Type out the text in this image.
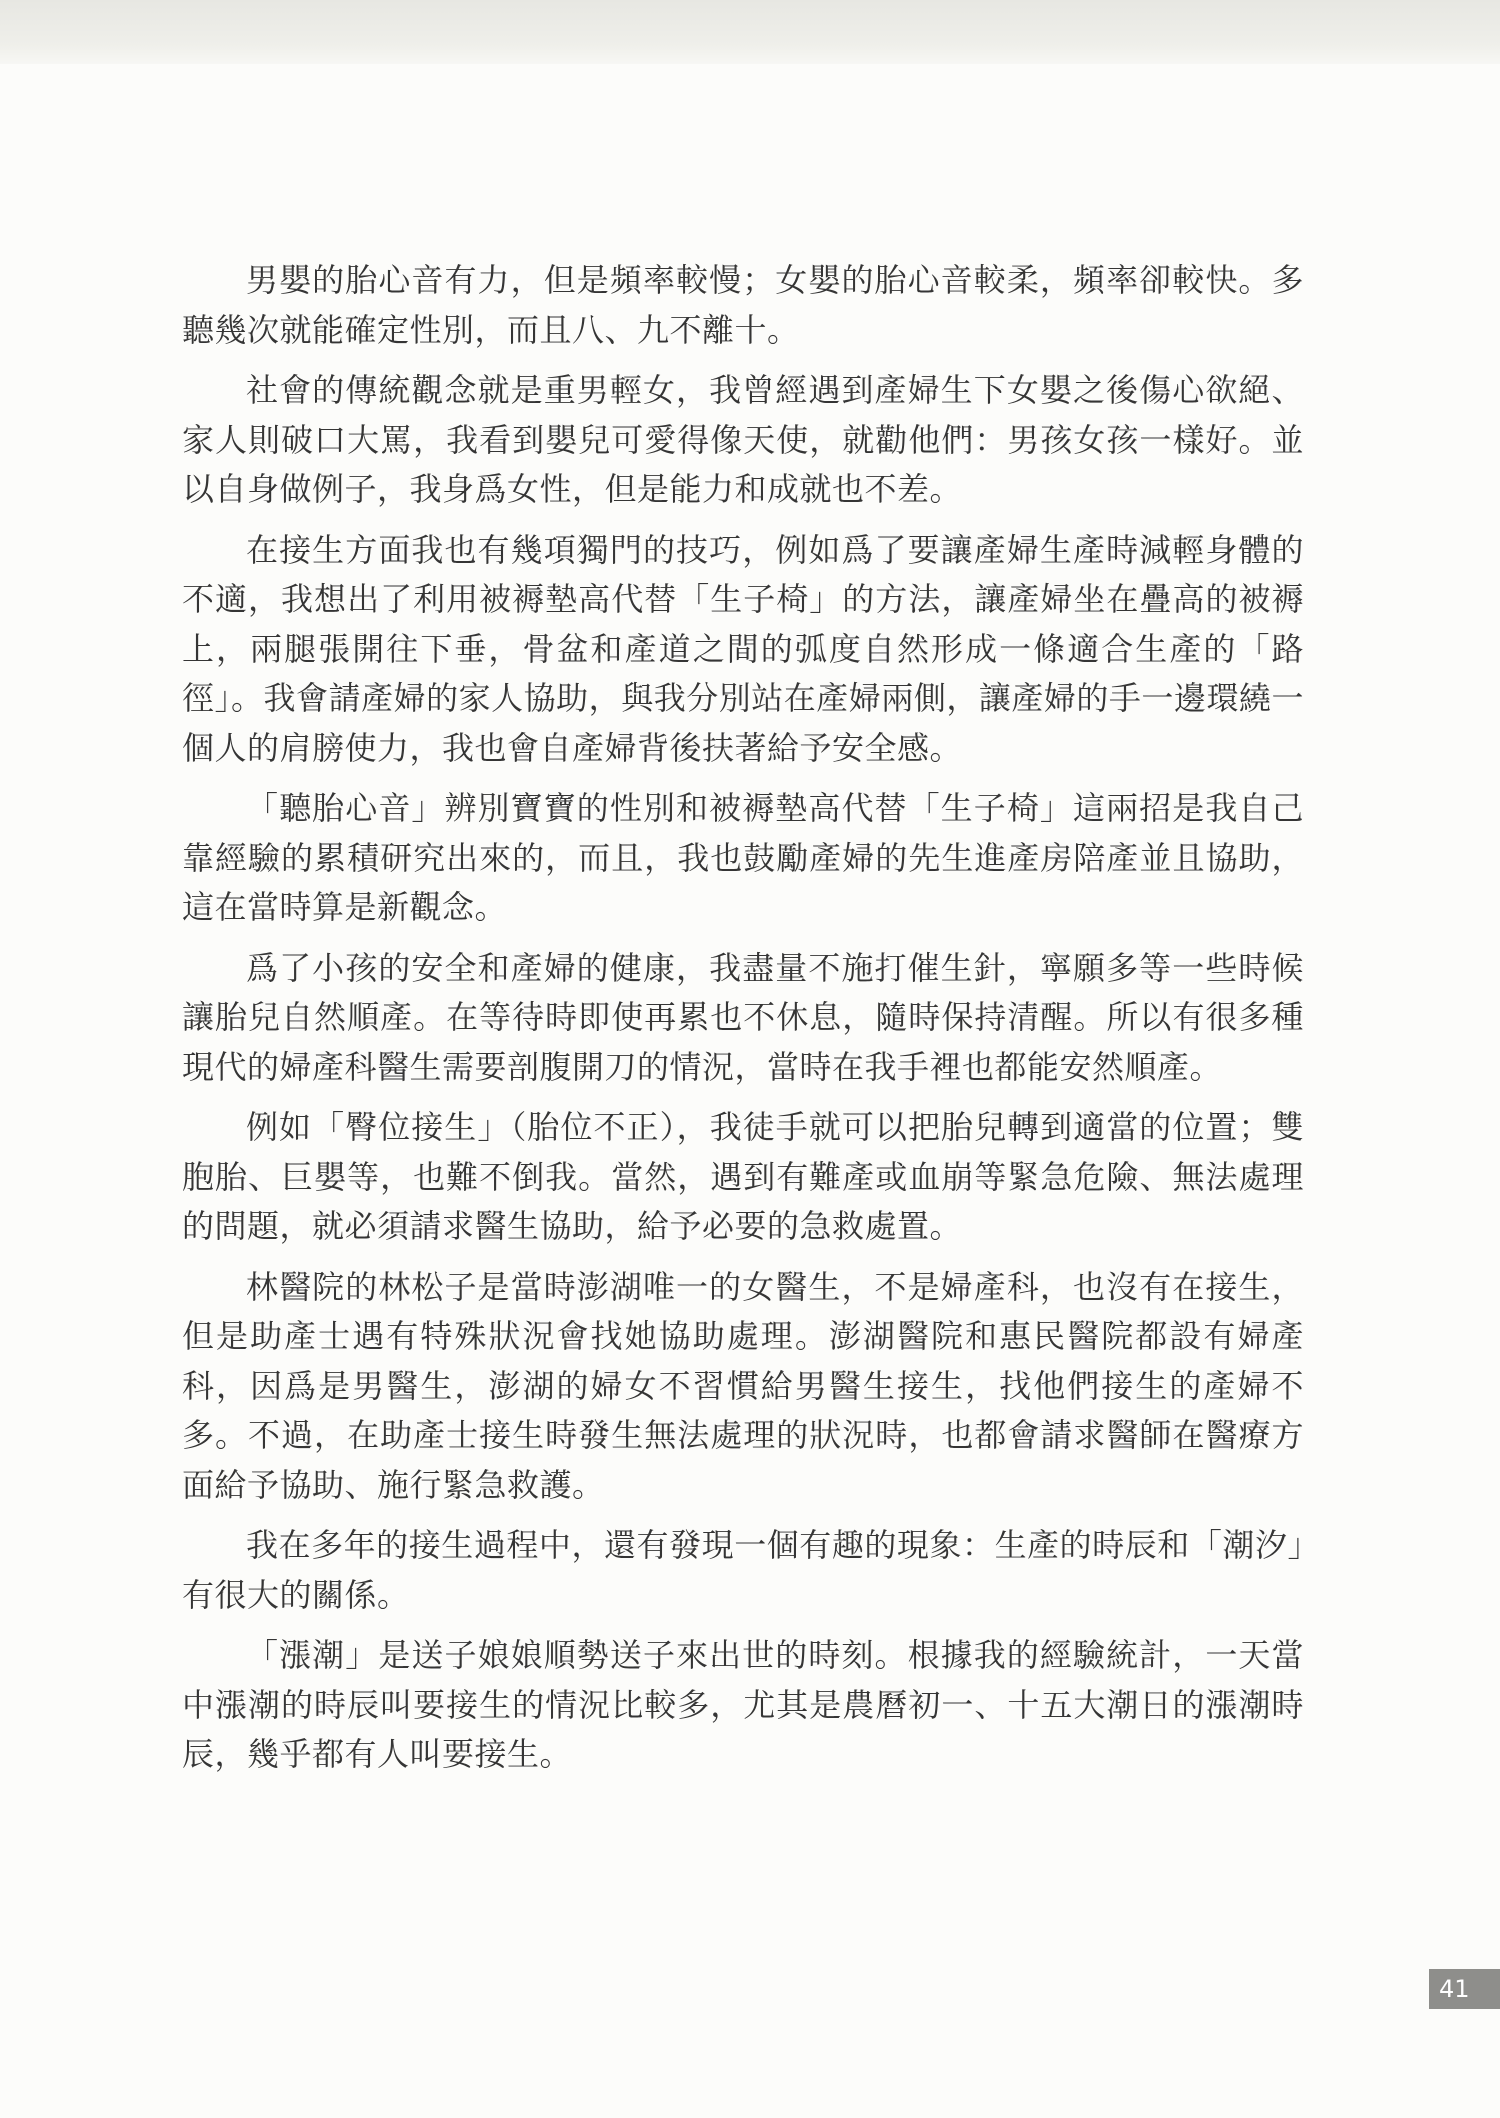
男嬰的胎心音有力，但是頻率較慢；女嬰的胎心音較柔，頻率卻較快。多聽幾次就能確定性別，而且八、九不離十。

社會的傳統觀念就是重男輕女，我曾經遇到產婦生下女嬰之後傷心欲絕、家人則破口大罵，我看到嬰兒可愛得像天使，就勸他們：男孩女孩一樣好。並以自身做例子，我身爲女性，但是能力和成就也不差。

在接生方面我也有幾項獨門的技巧，例如爲了要讓產婦生產時減輕身體的不適，我想出了利用被褥墊高代替「生子椅」的方法，讓產婦坐在疊高的被褥上，兩腿張開往下垂，骨盆和產道之間的弧度自然形成一條適合生產的「路徑」。我會請產婦的家人協助，與我分別站在產婦兩側，讓產婦的手一邊環繞一個人的肩膀使力，我也會自產婦背後扶著給予安全感。

「聽胎心音」辨別寶寶的性別和被褥墊高代替「生子椅」這兩招是我自己靠經驗的累積研究出來的，而且，我也鼓勵產婦的先生進產房陪產並且協助，這在當時算是新觀念。

爲了小孩的安全和產婦的健康，我盡量不施打催生針，寧願多等一些時候讓胎兒自然順產。在等待時即使再累也不休息，隨時保持清醒。所以有很多種現代的婦產科醫生需要剖腹開刀的情況，當時在我手裡也都能安然順產。

例如「臀位接生」（胎位不正），我徒手就可以把胎兒轉到適當的位置；雙胞胎、巨嬰等，也難不倒我。當然，遇到有難產或血崩等緊急危險、無法處理的問題，就必須請求醫生協助，給予必要的急救處置。

林醫院的林松子是當時澎湖唯一的女醫生，不是婦產科，也沒有在接生，但是助產士遇有特殊狀況會找她協助處理。澎湖醫院和惠民醫院都設有婦產科，因爲是男醫生，澎湖的婦女不習慣給男醫生接生，找他們接生的產婦不多。不過，在助產士接生時發生無法處理的狀況時，也都會請求醫師在醫療方面給予協助、施行緊急救護。

我在多年的接生過程中，還有發現一個有趣的現象：生產的時辰和「潮汐」有很大的關係。

「漲潮」是送子娘娘順勢送子來出世的時刻。根據我的經驗統計，一天當中漲潮的時辰叫要接生的情況比較多，尤其是農曆初一、十五大潮日的漲潮時辰，幾乎都有人叫要接生。

41
